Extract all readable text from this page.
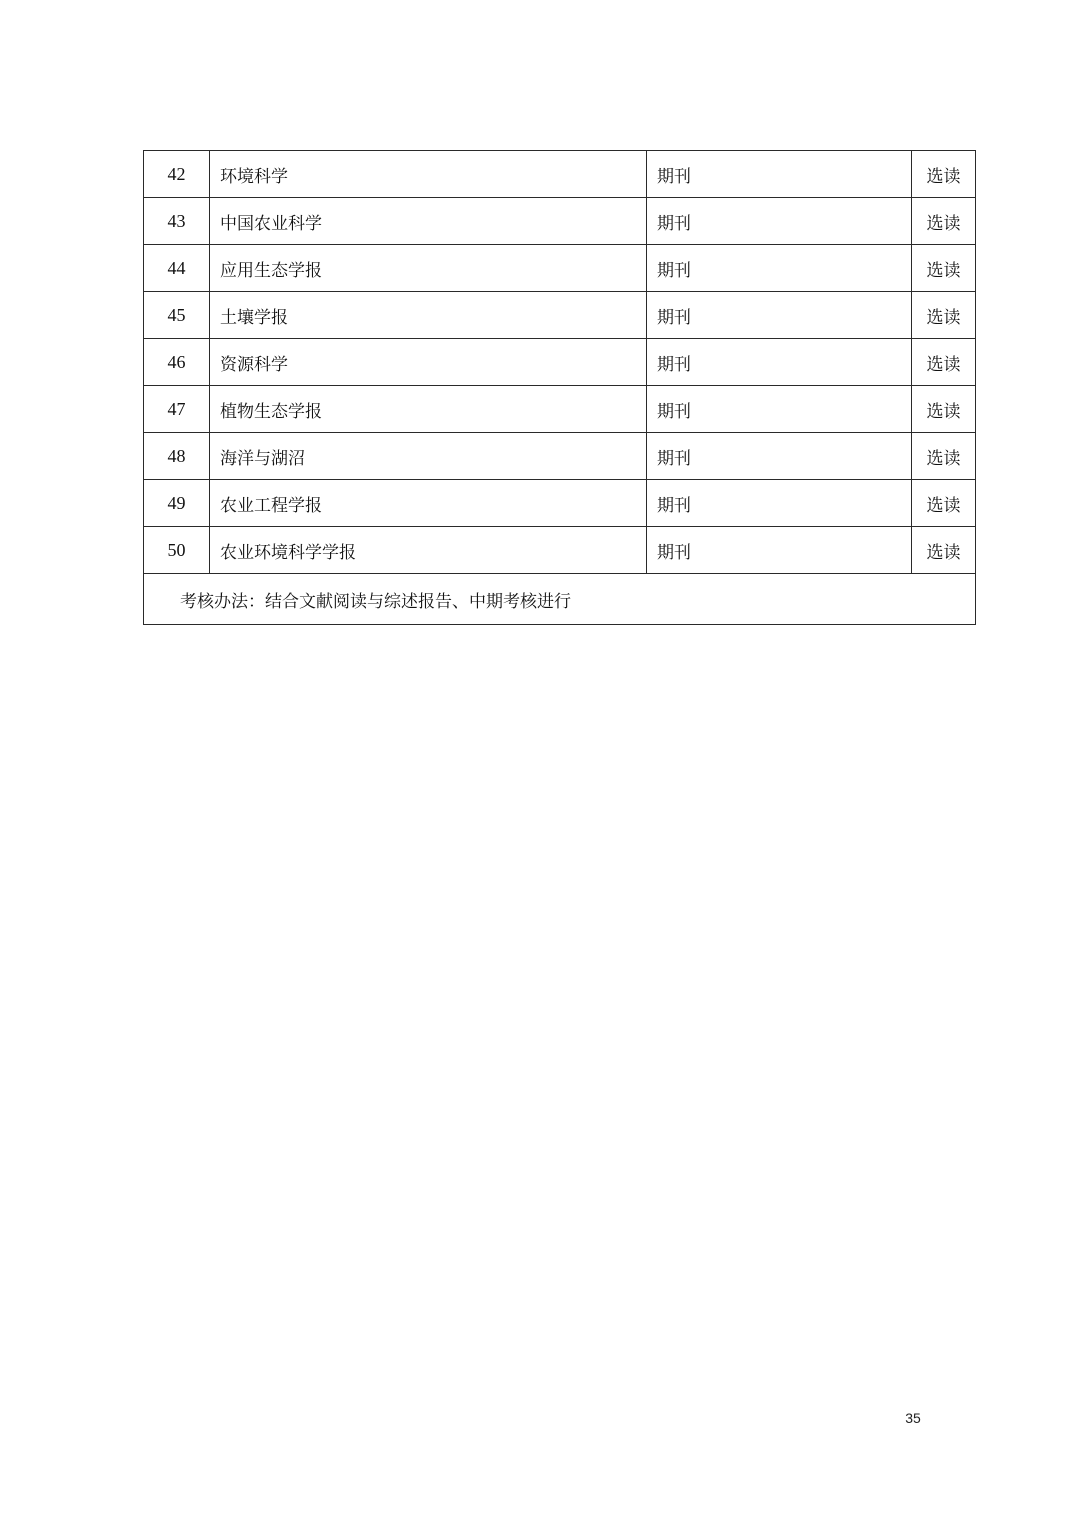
42	环境科学	期刊	选读
43	中国农业科学	期刊	选读
44	应用生态学报	期刊	选读
45	土壤学报	期刊	选读
46	资源科学	期刊	选读
47	植物生态学报	期刊	选读
48	海洋与湖沼	期刊	选读
49	农业工程学报	期刊	选读
50	农业环境科学学报	期刊	选读
考核办法：结合文献阅读与综述报告、中期考核进行			
35
